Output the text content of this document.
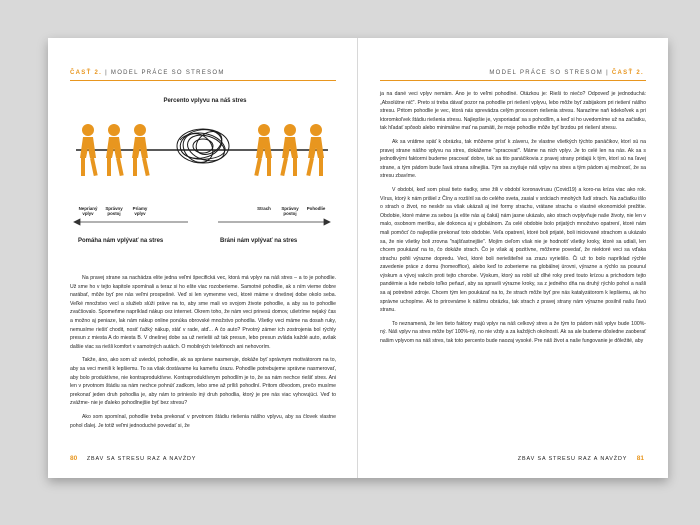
ČASŤ 2. | MODEL PRÁCE SO STRESOM
Percento vplyvu na náš stres
Neprianý vplyv
Správny postoj
Priamy vplyv
Strach	Správny postoj
Pohodlie
Pomáha nám vplývať na stres	Bráni nám vplývať na stres

Na pravej strane sa nachádza elite jedna veľmi špecifická vec, ktorá má vplyv na náš stres – a to je pohodlie. Už sme ho v tejto kapitole spomínali a teraz si ho ešte viac rozoberieme. Samotné pohodlie, ak s ním vieme dobre narábať, môže byť pre nás veľmi prospešné. Veď si len vymenme veci, ktoré máme v dnešnej dobe okolo seba. Veľké množstvo vecí a služieb slúži práve na to, aby sme mali vo svojom živote pohodlie, a aby sa to pohodlie zvačšovalo. Spomeňme napríklad nákup cez internet. Okrem toho, že nám veci prinesú domov, ušetríme nejaký čas a možno aj peniaze, lak nám nákup online ponúka obrovské množstvo pohodlia. Všetky veci máme na dosah ruky, nemusíme riešiť chodit, nosiť ťažký nákup, stáť v rade, atď... A čo auto? Prvotný zámer ich zostrojenia bol rýchly presun z miesta A do miesta B. V dnešnej dobe sa už neriešii až tak presun, lebo presun zvláda každé auto, avšak dalšie viac sa riešli komfort v samotných autách. O mobilných telefónoch ani nehovorím.

Takže, áno, ako som už uviedol, pohodlie, ak sa správne nasmeruje, dokáže byť správnym motivátorom na to, aby sa veci menili k lepšiemu. To sa však dostávame ku kameňu úrazu. Pohodlie potrebujeme správne nasmerovať, aby bolo produktívne, nie kontraproduktívne. Kontraproduktívnym pohodlím je to, že sa nám nechce riešiť stres. Ani len v prvotnom štádiu sa nám nechce pohnúť zadkom, lebo sme až príliš pohodlní. Pritom dôvodom, prečo musíme prekonať jeden druh pohodlia je, aby nám to prinieslo iný druh pohodlia, ktorý je pre nás viac vyhovujúci. Veď to zvážme- nie je ďaleko pohodlnejšie byť bez stresu?

Ako som spomínal, pohodlie treba prekonať v prvotnom štádiu riešenia nášho vplyvu, aby sa človek vlastne pohol ďalej. Je totiž veľmi jednoduché povedať si, že

80 ZBAV SA STRESU RAZ A NAVŽDY
MODEL PRÁCE SO STRESOM | ČASŤ 2.

ja na dané veci vplyv nemám. Áno je to veľmi pohodlné. Otázkou je: Rieši to niečo? Odpoveď je jednoduchá: „Absolútne nič". Preto si treba dávať pozor na pohodlie pri riešení vplyvu, lebo môže byť zabijakom pri riešení nášho stresu. Pritom pohodlie je vec, ktorá nás sprevádza celým procesom riešenia stresu. Narazíme naň kdekoľvek a pri ktoromkoľvek štádiu riešenia stresu. Najlepšie je, vysporiadať sa s pohodlím, a keď si ho uvedomíme už na začiatku, tak hľadať spôsob alebo minimálne mať na pamäti, že moje pohodlie môže byť brzdou pri riešení stresu.

Ak sa vrátime späť k obrázku, tak môžeme prísť k záveru, že vlastne všetkých týchto panáčikov, ktorí sú na pravej strane nášho vplyvu na stres, dokážeme "spracovať". Máme na nich vplyv. Je to celé len na nás. Ak sa s jednotlivými faktormi budeme pracovať dobre, tak sa tito panáčikovia z pravej strany pridajú k tým, ktorí sú na ľavej strane, a tým pádom bude ľavá strana silnejšia. Tým sa zvyšuje náš vplyv na stres a tým pádom aj možnosť, že sa stresu zbavíme.

V období, keď som písal tieto riadky, sme žili v období koronavírusu (Covid19) a koro-na kríza viac ako rok. Vírus, ktorý k nám prišiel z Číny a rozšíril sa do celého sveta, zasial v srdciach mnohých ľudí strach. Na začiatku išlo o strach o život, no neskôr sa však ukázali aj iné formy strachu, vrátane strachu o vlastné ekonomické prežitie. Obdobie, ktoré máme za sebou (a ešte nás aj čaká) nám jasne ukázalo, ako strach ovplyvňuje naše životy, nie len v malo, osobnom merítku, ale dokonca aj v globálnom. Za celé obdobie bolo prijatých množstvo opatrení, ktoré nám mali pomôcť čo najlepšie prekonať toto obdobie. Veľa opatrení, ktoré boli prijaté, boli iniciované strachom a ukázalo sa, že nie všetky boli zrovna "najšťastnejšie". Mojím cieľom však nie je hodnotiť všetky kroky, ktoré sa udiali, len chcem poukázať na to, čo dokáže strach. Čo je však aj pozitívne, môžeme povedať, že niektoré veci sa vďaka strachu pohli výrazne dopredu. Veci, ktoré boli neriešiteľné sa zrazu vyriešilo. Či už to bolo napríklad rýchle zavedenie práce z domu (homeoffice), alebo keď to zoberieme na globálnej úrovni, výrazne a rýchlo sa posunul výskum a vývoj vakcín proti tejto chorobe. Výskum, ktorý sa robil už dlhé roky pred touto krízou a prichodom tejto pandémie a kde nebolo toľko peňazí, aby sa spravili výrazne kroky, sa z jedného dňa na druhý rýchlo pohol a našli sa aj potrebné zdroje. Chcem tým len poukázať na to, že strach môže byť pre nás katalyzátorom k lepšiemu, ak ho správne uchopíme. Ak to prirovnáme k nášmu obrázku, tak strach z pravej strany nám výrazne posilnil našu ľavú stranu.

To neznamená, že len tieto faktory majú vplyv na náš celkový stres a že tým to pádom náš vplyv bude 100%-ný. Náš vplyv na stres môže byť 100%-ný, no nie vždy a za každých okolností. Ak sa ale budeme dôsledne zaoberať našim vplyvom na náš stres, tak toto percento bude naozaj vysoké. Pre náš život a naše fungovanie je dôležité, aby

ZBAV SA STRESU RAZ A NAVŽDY 81
